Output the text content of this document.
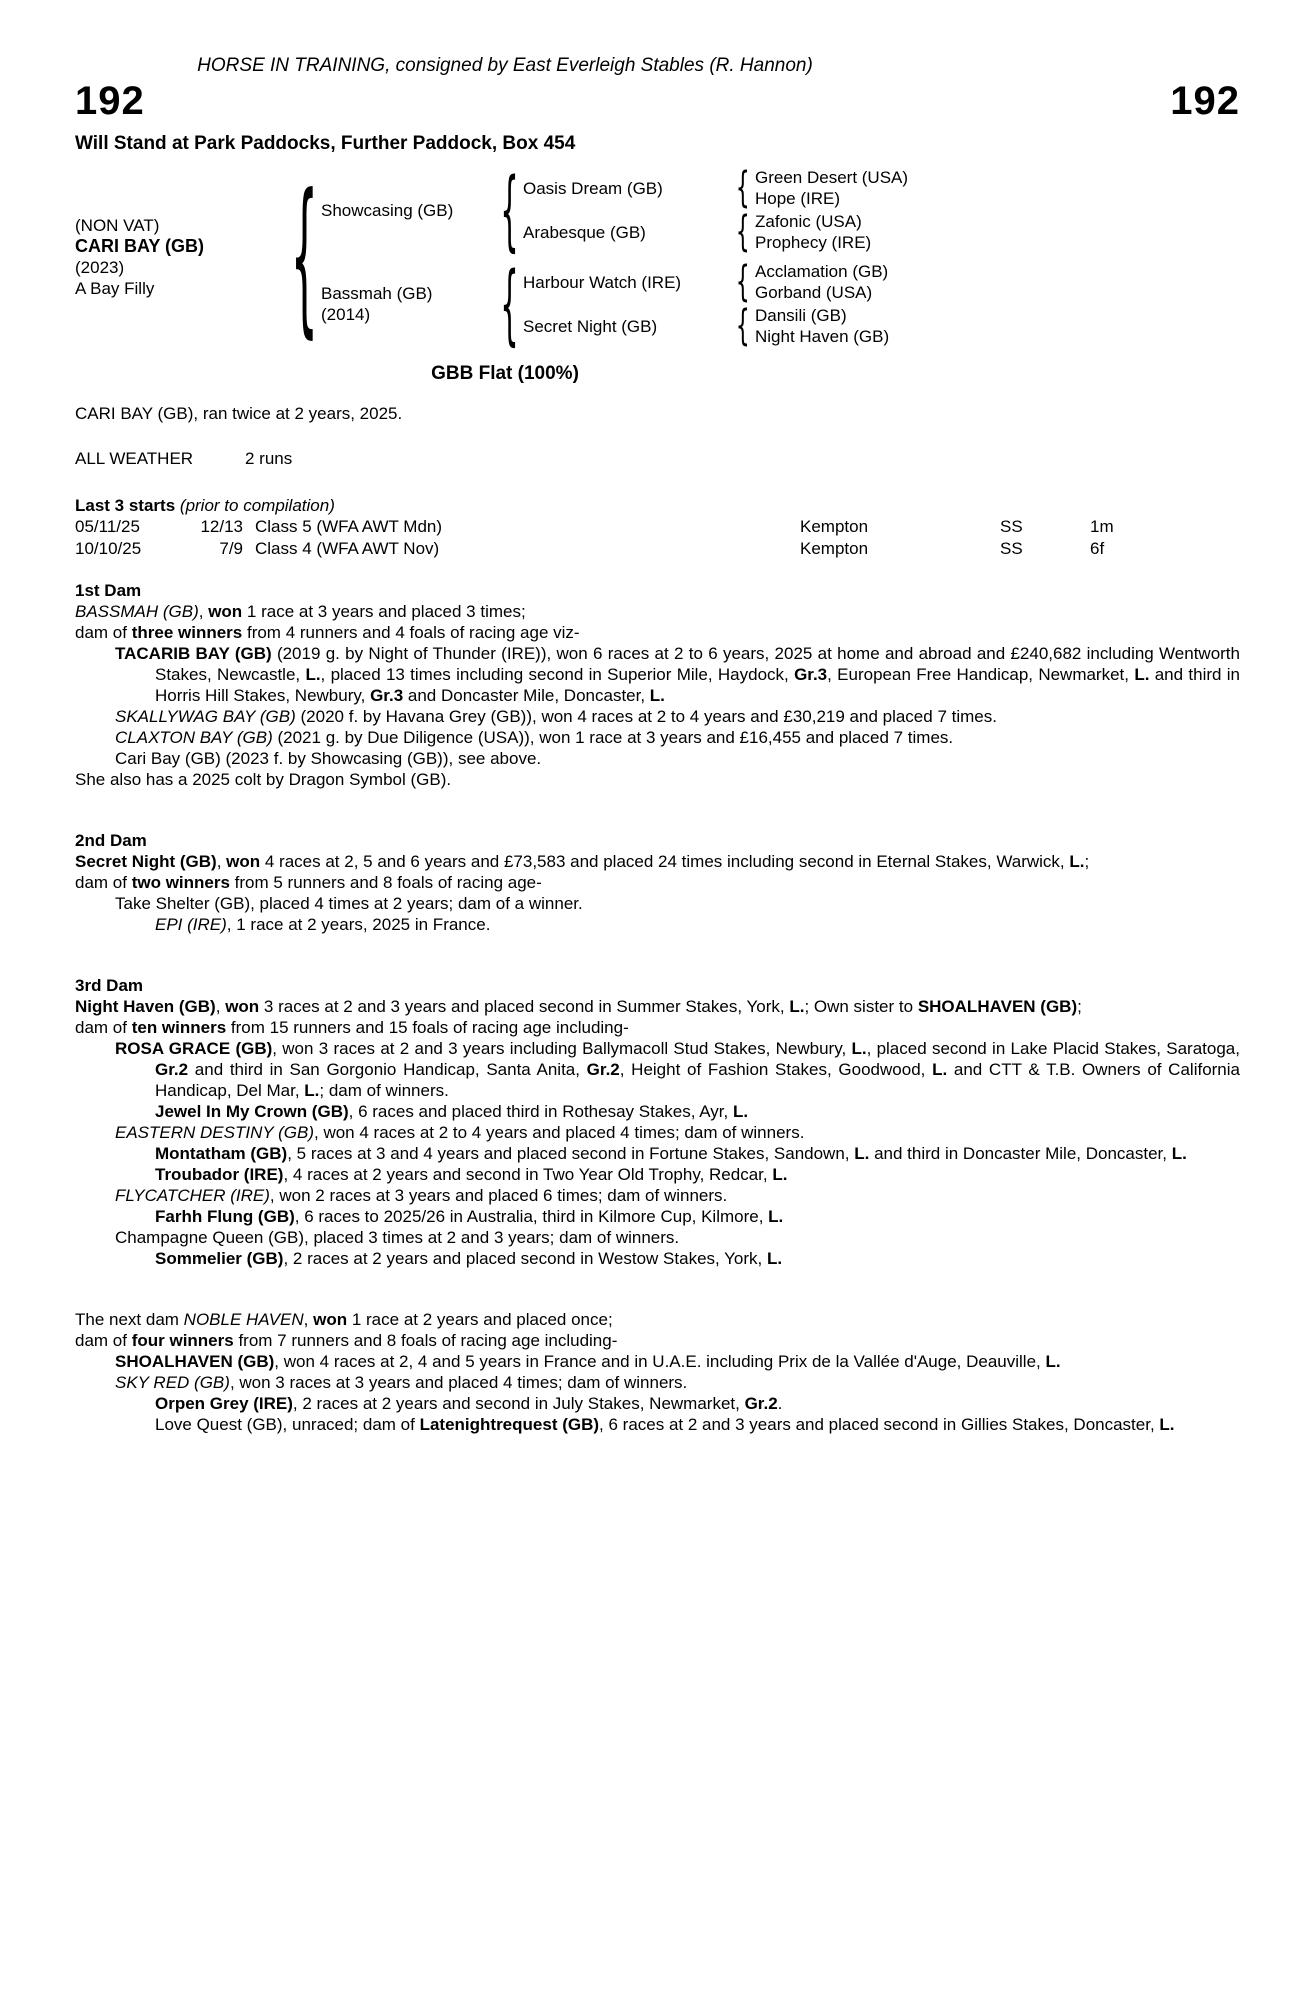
HORSE IN TRAINING, consigned by East Everleigh Stables (R. Hannon)
192	192
Will Stand at Park Paddocks, Further Paddock, Box 454
(NON VAT)
CARI BAY (GB)
(2023)
A Bay Filly
{
Showcasing (GB)
{
Oasis Dream (GB)
{
Green Desert (USA)
Hope (IRE)
Arabesque (GB)
{
Zafonic (USA)
Prophecy (IRE)
Bassmah (GB)
(2014)
{
Harbour Watch (IRE)
{
Acclamation (GB)
Gorband (USA)
Secret Night (GB)
{
Dansili (GB)
Night Haven (GB)
GBB Flat (100%)
CARI BAY (GB), ran twice at 2 years, 2025.
ALL WEATHER	2 runs
Last 3 starts (prior to compilation)
05/11/25	12/13 Class 5 (WFA AWT Mdn)	Kempton	SS	1m
10/10/25	7/9 Class 4 (WFA AWT Nov)	Kempton	SS	6f
1st Dam
BASSMAH (GB), won 1 race at 3 years and placed 3 times;
dam of three winners from 4 runners and 4 foals of racing age viz-
TACARIB BAY (GB) (2019 g. by Night of Thunder (IRE)), won 6 races at 2 to 6 years, 2025 at home and abroad and £240,682 including Wentworth Stakes, Newcastle, L., placed 13 times including second in Superior Mile, Haydock, Gr.3, European Free Handicap, Newmarket, L. and third in Horris Hill Stakes, Newbury, Gr.3 and Doncaster Mile, Doncaster, L.
SKALLYWAG BAY (GB) (2020 f. by Havana Grey (GB)), won 4 races at 2 to 4 years and £30,219 and placed 7 times.
CLAXTON BAY (GB) (2021 g. by Due Diligence (USA)), won 1 race at 3 years and £16,455 and placed 7 times.
Cari Bay (GB) (2023 f. by Showcasing (GB)), see above.
She also has a 2025 colt by Dragon Symbol (GB).
2nd Dam
Secret Night (GB), won 4 races at 2, 5 and 6 years and £73,583 and placed 24 times including second in Eternal Stakes, Warwick, L.;
dam of two winners from 5 runners and 8 foals of racing age-
Take Shelter (GB), placed 4 times at 2 years; dam of a winner.
EPI (IRE), 1 race at 2 years, 2025 in France.
3rd Dam
Night Haven (GB), won 3 races at 2 and 3 years and placed second in Summer Stakes, York, L.; Own sister to SHOALHAVEN (GB);
dam of ten winners from 15 runners and 15 foals of racing age including-
ROSA GRACE (GB), won 3 races at 2 and 3 years including Ballymacoll Stud Stakes, Newbury, L., placed second in Lake Placid Stakes, Saratoga, Gr.2 and third in San Gorgonio Handicap, Santa Anita, Gr.2, Height of Fashion Stakes, Goodwood, L. and CTT & T.B. Owners of California Handicap, Del Mar, L.; dam of winners.
Jewel In My Crown (GB), 6 races and placed third in Rothesay Stakes, Ayr, L.
EASTERN DESTINY (GB), won 4 races at 2 to 4 years and placed 4 times; dam of winners.
Montatham (GB), 5 races at 3 and 4 years and placed second in Fortune Stakes, Sandown, L. and third in Doncaster Mile, Doncaster, L.
Troubador (IRE), 4 races at 2 years and second in Two Year Old Trophy, Redcar, L.
FLYCATCHER (IRE), won 2 races at 3 years and placed 6 times; dam of winners.
Farhh Flung (GB), 6 races to 2025/26 in Australia, third in Kilmore Cup, Kilmore, L.
Champagne Queen (GB), placed 3 times at 2 and 3 years; dam of winners.
Sommelier (GB), 2 races at 2 years and placed second in Westow Stakes, York, L.
The next dam NOBLE HAVEN, won 1 race at 2 years and placed once;
dam of four winners from 7 runners and 8 foals of racing age including-
SHOALHAVEN (GB), won 4 races at 2, 4 and 5 years in France and in U.A.E. including Prix de la Vallée d'Auge, Deauville, L.
SKY RED (GB), won 3 races at 3 years and placed 4 times; dam of winners.
Orpen Grey (IRE), 2 races at 2 years and second in July Stakes, Newmarket, Gr.2.
Love Quest (GB), unraced; dam of Latenightrequest (GB), 6 races at 2 and 3 years and placed second in Gillies Stakes, Doncaster, L.
